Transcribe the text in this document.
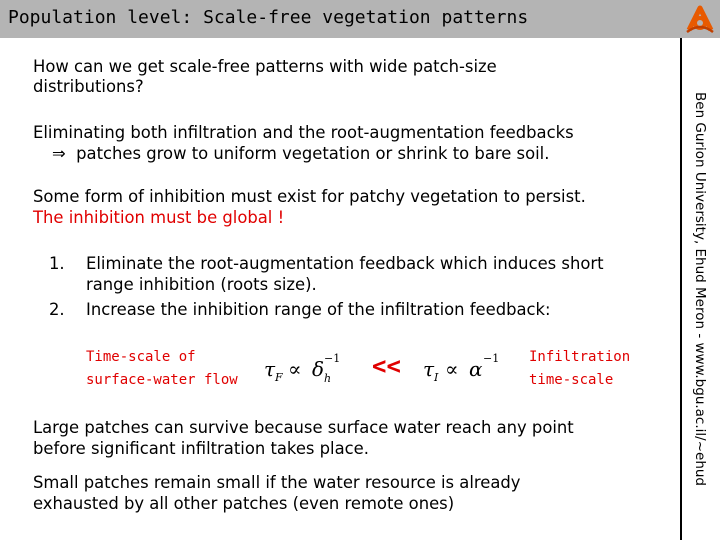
Population level: Scale-free vegetation patterns
Ben Gurion University, Ehud Meron - www.bgu.ac.il/~ehud
How can we get scale-free patterns with wide patch-size
distributions?
Eliminating both infiltration and the root-augmentation feedbacks
⇒ patches grow to uniform vegetation or shrink to bare soil.
Some form of inhibition must exist for patchy vegetation to persist.
The inhibition must be global !
1. Eliminate the root-augmentation feedback which induces short
range inhibition (roots size).
2. Increase the inhibition range of the infiltration feedback:
Time-scale of
surface-water flow τ F ∝ δ h
−1 << τ I ∝ α −1 Infiltration
time-scale
Large patches can survive because surface water reach any point
before significant infiltration takes place.
Small patches remain small if the water resource is already
exhausted by all other patches (even remote ones)
